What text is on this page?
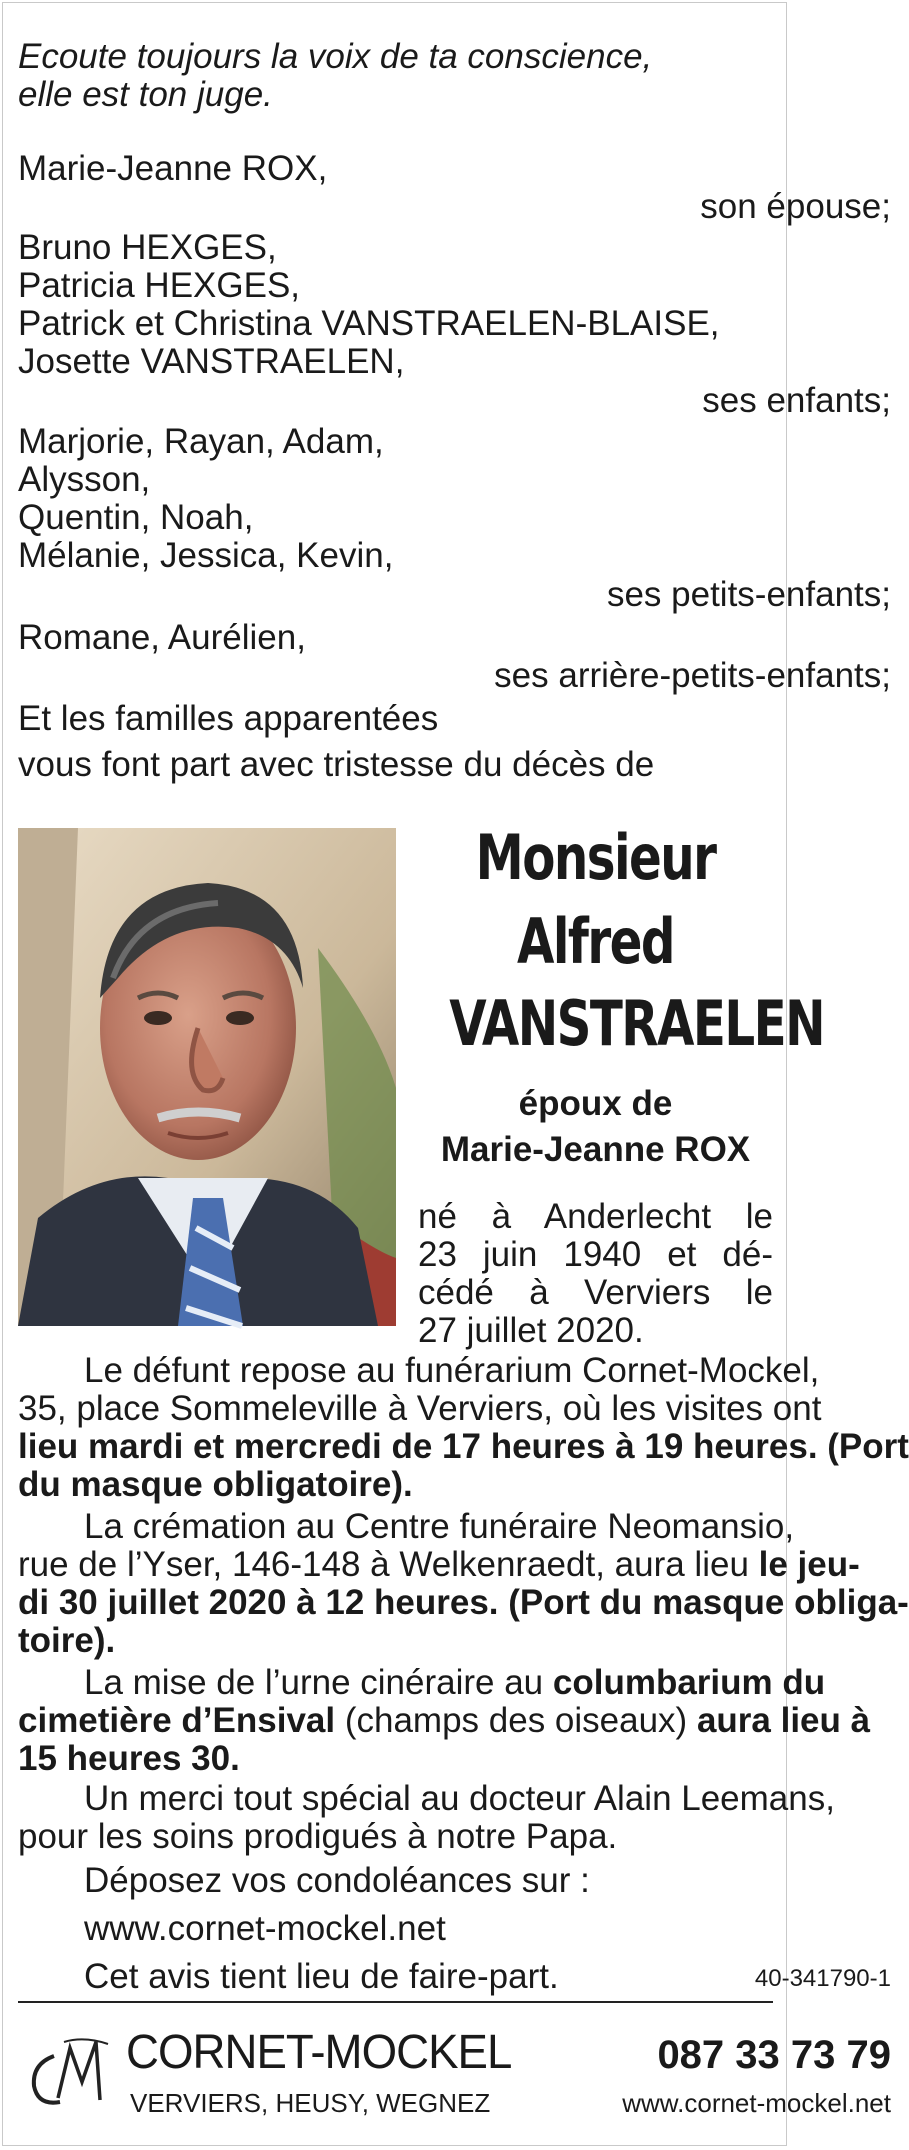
Ecoute toujours la voix de ta conscience,
elle est ton juge.
Marie-Jeanne ROX,
son épouse;
Bruno HEXGES,
Patricia HEXGES,
Patrick et Christina VANSTRAELEN-BLAISE,
Josette VANSTRAELEN,
ses enfants;
Marjorie, Rayan, Adam,
Alysson,
Quentin, Noah,
Mélanie, Jessica, Kevin,
ses petits-enfants;
Romane, Aurélien,
ses arrière-petits-enfants;
Et les familles apparentées
vous font part avec tristesse du décès de
Monsieur
Alfred
VANSTRAELEN
époux de
Marie-Jeanne ROX
né à Anderlecht le
23 juin 1940 et dé-
cédé à Verviers le
27 juillet 2020.
Le défunt repose au funérarium Cornet-Mockel,
35, place Sommeleville à Verviers, où les visites ont
lieu mardi et mercredi de 17 heures à 19 heures. (Port
du masque obligatoire).
La crémation au Centre funéraire Neomansio,
rue de l’Yser, 146-148 à Welkenraedt, aura lieu le jeu-
di 30 juillet 2020 à 12 heures. (Port du masque obliga-
toire).
La mise de l’urne cinéraire au columbarium du
cimetière d’Ensival (champs des oiseaux) aura lieu à
15 heures 30.
Un merci tout spécial au docteur Alain Leemans,
pour les soins prodigués à notre Papa.
Déposez vos condoléances sur :
www.cornet-mockel.net
Cet avis tient lieu de faire-part.	40-341790-1
CORNET-MOCKEL
VERVIERS, HEUSY, WEGNEZ
087 33 73 79
www.cornet-mockel.net
